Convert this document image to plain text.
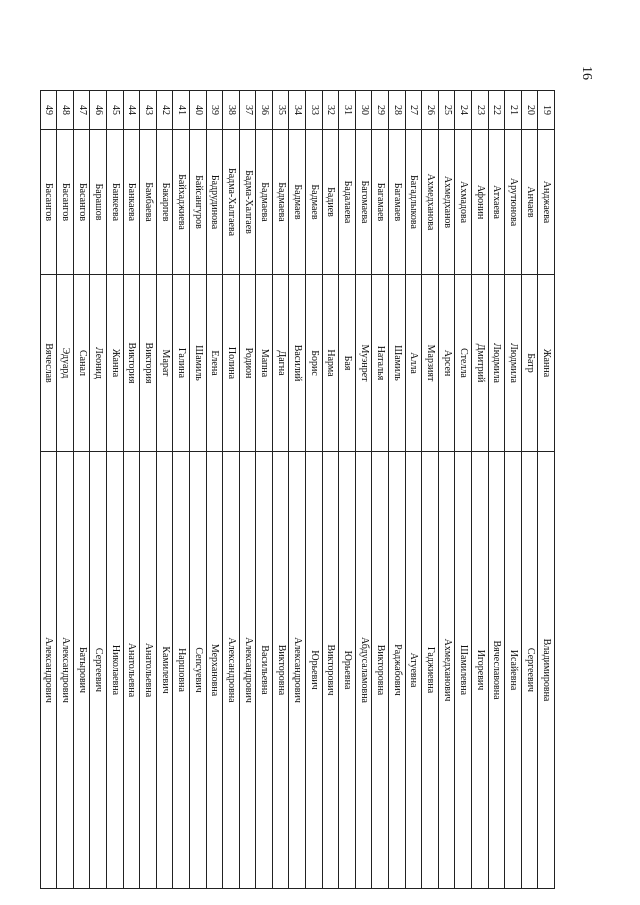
16
19	Анджаева	Жанна	Владимировна
20	Анчаев	Батр	Сергеевич
21	Арутюнова	Людмила	Исайевна
22	Атхаева	Людмила	Вячеславовна
23	Афонин	Дмитрий	Игоревич
24	Ахмадова	Стелла	Шамилевна
25	Ахмедханов	Арсен	Ахмедханович
26	Ахмедханова	Марзият	Гаджиевна
27	Багадлыкова	Алла	Атуевна
28	Багамаев	Шамиль	Раджабович
29	Багамаев	Наталья	Викторовна
30	Багомаева	Муэнрет	Абдусаламовна
31	Бадалаева	Бая	Юрьевна
32	Бадиев	Нарма	Викторович
33	Бадмаев	Борис	Юрьевич
34	Бадмаев	Василий	Александрович
35	Бадмаева	Дагна	Викторовна
36	Бадмаева	Мапна	Васильевна
37	Бадма-Халгаев	Родион	Александрович
38	Бадма-Халгаева	Полина	Александровна
39	Бадрудинова	Елена	Мерхановна
40	Байсангуров	Шамиль	Сепсуевич
41	Байхаджиева	Галина	Наршовна
42	Бакарпев	Марат	Камилевич
43	Бамбаева	Виктория	Анатольевна
44	Банкаева	Виктория	Анатольевна
45	Банкеева	Жанна	Николаевна
46	Барашов	Леонид	Сергеевич
47	Басангов	Санал	Батырович
48	Басангов	Эдуард	Александрович
49	Басангов	Вячеслав	Александрович
